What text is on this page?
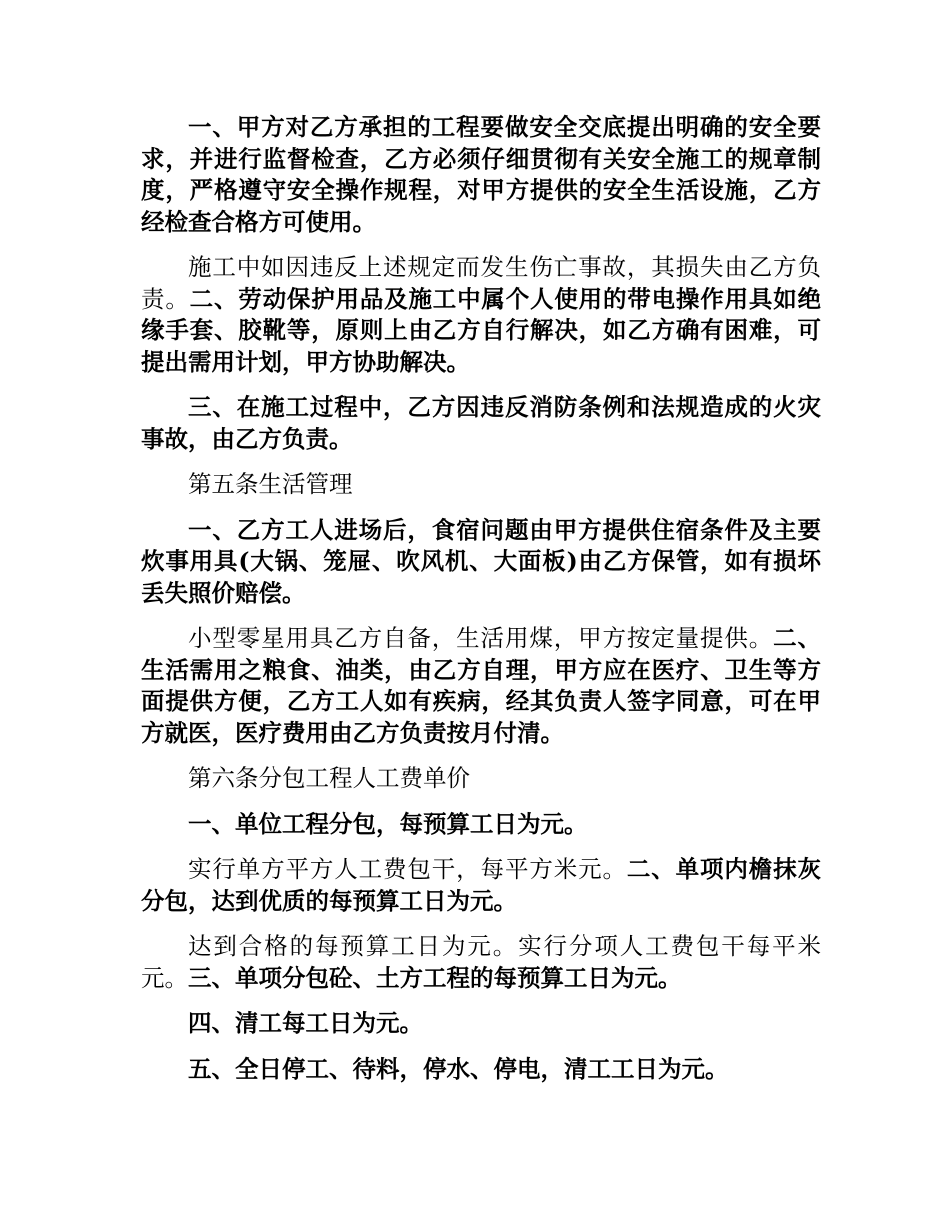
一、甲方对乙方承担的工程要做安全交底提出明确的安全要求，并进行监督检查，乙方必须仔细贯彻有关安全施工的规章制度，严格遵守安全操作规程，对甲方提供的安全生活设施，乙方经检查合格方可使用。

施工中如因违反上述规定而发生伤亡事故，其损失由乙方负责。二、劳动保护用品及施工中属个人使用的带电操作用具如绝缘手套、胶靴等，原则上由乙方自行解决，如乙方确有困难，可提出需用计划，甲方协助解决。

三、在施工过程中，乙方因违反消防条例和法规造成的火灾事故，由乙方负责。

第五条生活管理

一、乙方工人进场后，食宿问题由甲方提供住宿条件及主要炊事用具(大锅、笼屉、吹风机、大面板)由乙方保管，如有损坏丢失照价赔偿。

小型零星用具乙方自备，生活用煤，甲方按定量提供。二、生活需用之粮食、油类，由乙方自理，甲方应在医疗、卫生等方面提供方便，乙方工人如有疾病，经其负责人签字同意，可在甲方就医，医疗费用由乙方负责按月付清。

第六条分包工程人工费单价

一、单位工程分包，每预算工日为元。

实行单方平方人工费包干，每平方米元。二、单项内檐抹灰分包，达到优质的每预算工日为元。

达到合格的每预算工日为元。实行分项人工费包干每平米元。三、单项分包砼、土方工程的每预算工日为元。

四、清工每工日为元。

五、全日停工、待料，停水、停电，清工工日为元。
